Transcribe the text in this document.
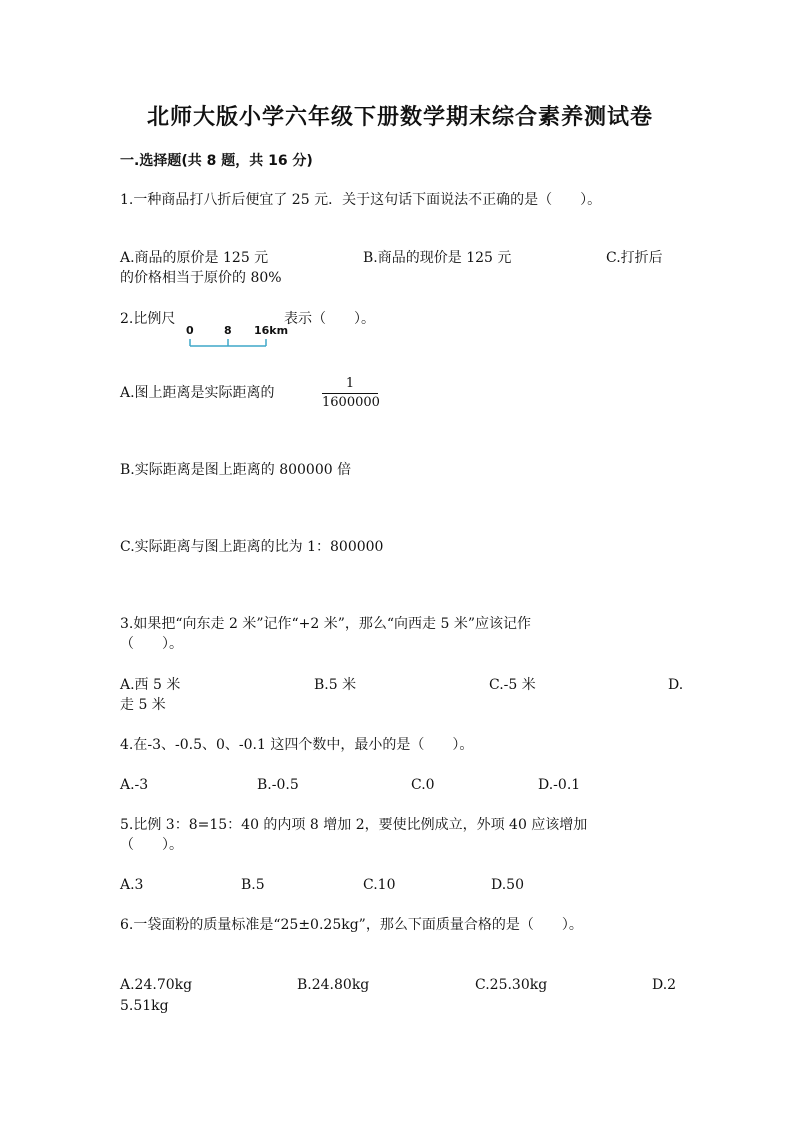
北师大版小学六年级下册数学期末综合素养测试卷
一.选择题(共 8 题，共 16 分)
1.一种商品打八折后便宜了 25 元．关于这句话下面说法不正确的是（　　）。
A.商品的原价是 125 元	B.商品的现价是 125 元	C.打折后
的价格相当于原价的 80%
2.比例尺
0	8 16km
表示（　　）。
A.图上距离是实际距离的
1
1600000
B.实际距离是图上距离的 800000 倍
C.实际距离与图上距离的比为 1：800000
3.如果把“向东走 2 米”记作“+2 米”，那么“向西走 5 米”应该记作
（　　）。
A.西 5 米	B.5 米	C.-5 米	D.
走 5 米
4.在-3、-0.5、0、-0.1 这四个数中，最小的是（　　）。
A.-3	B.-0.5	C.0	D.-0.1
5.比例 3：8=15：40 的内项 8 增加 2，要使比例成立，外项 40 应该增加
（　　）。
A.3	B.5	C.10	D.50
6.一袋面粉的质量标准是“25±0.25kg”，那么下面质量合格的是（　　）。
A.24.70kg	B.24.80kg	C.25.30kg	D.2
5.51kg
